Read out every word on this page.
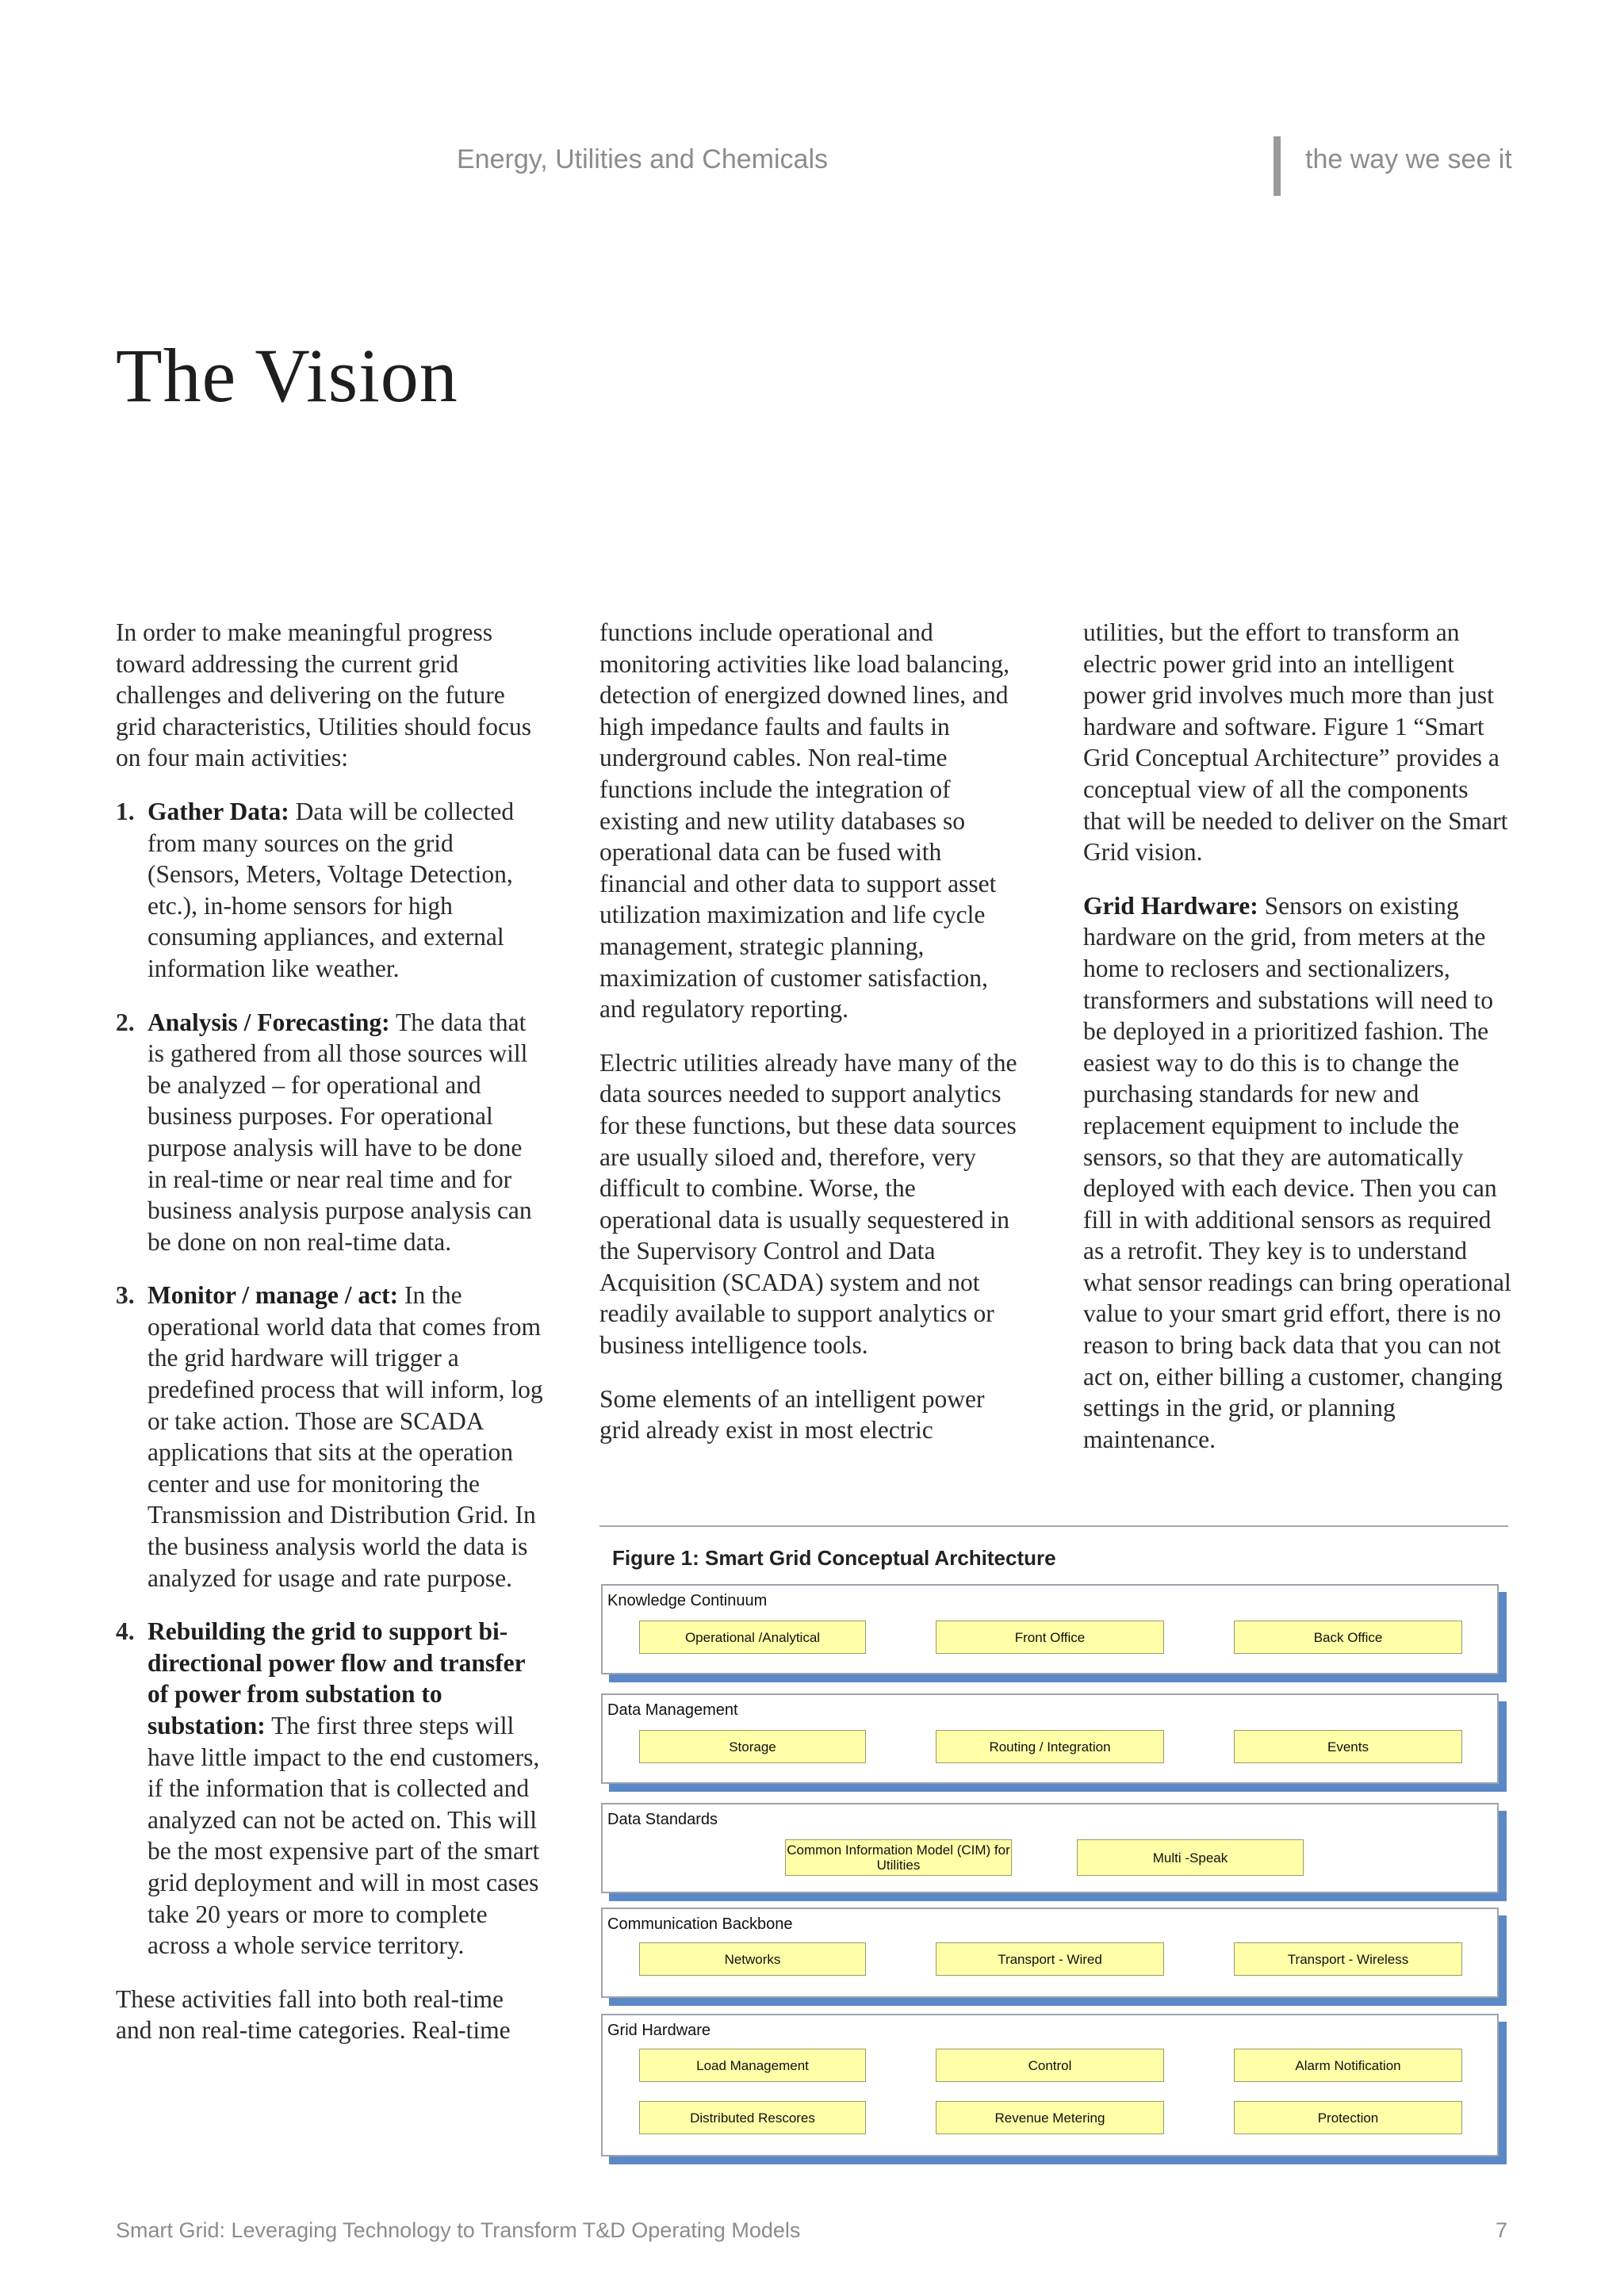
Energy, Utilities and Chemicals	the way we see it
The Vision

In order to make meaningful progress toward addressing the current grid challenges and delivering on the future grid characteristics, Utilities should focus on four main activities:

1. Gather Data: Data will be collected from many sources on the grid (Sensors, Meters, Voltage Detection, etc.), in-home sensors for high consuming appliances, and external information like weather.
2. Analysis / Forecasting: The data that is gathered from all those sources will be analyzed – for operational and business purposes. For operational purpose analysis will have to be done in real-time or near real time and for business analysis purpose analysis can be done on non real-time data.
3. Monitor / manage / act: In the operational world data that comes from the grid hardware will trigger a predefined process that will inform, log or take action. Those are SCADA applications that sits at the operation center and use for monitoring the Transmission and Distribution Grid. In the business analysis world the data is analyzed for usage and rate purpose.
4. Rebuilding the grid to support bi-directional power flow and transfer of power from substation to substation: The first three steps will have little impact to the end customers, if the information that is collected and analyzed can not be acted on. This will be the most expensive part of the smart grid deployment and will in most cases take 20 years or more to complete across a whole service territory.

These activities fall into both real-time and non real-time categories. Real-time

functions include operational and monitoring activities like load balancing, detection of energized downed lines, and high impedance faults and faults in underground cables. Non real-time functions include the integration of existing and new utility databases so operational data can be fused with financial and other data to support asset utilization maximization and life cycle management, strategic planning, maximization of customer satisfaction, and regulatory reporting.

Electric utilities already have many of the data sources needed to support analytics for these functions, but these data sources are usually siloed and, therefore, very difficult to combine. Worse, the operational data is usually sequestered in the Supervisory Control and Data Acquisition (SCADA) system and not readily available to support analytics or business intelligence tools.

Some elements of an intelligent power grid already exist in most electric

utilities, but the effort to transform an electric power grid into an intelligent power grid involves much more than just hardware and software. Figure 1 “Smart Grid Conceptual Architecture” provides a conceptual view of all the components that will be needed to deliver on the Smart Grid vision.

Grid Hardware: Sensors on existing hardware on the grid, from meters at the home to reclosers and sectionalizers, transformers and substations will need to be deployed in a prioritized fashion. The easiest way to do this is to change the purchasing standards for new and replacement equipment to include the sensors, so that they are automatically deployed with each device. Then you can fill in with additional sensors as required as a retrofit. They key is to understand what sensor readings can bring operational value to your smart grid effort, there is no reason to bring back data that you can not act on, either billing a customer, changing settings in the grid, or planning maintenance.

Figure 1: Smart Grid Conceptual Architecture
Knowledge Continuum
Operational /Analytical	Front Office	Back Office
Data Management
Storage	Routing / Integration	Events
Data Standards
Common Information Model (CIM) for Utilities	Multi -Speak
Communication Backbone
Networks	Transport - Wired	Transport - Wireless
Grid Hardware
Load Management	Control	Alarm Notification
Distributed Rescores	Revenue Metering	Protection
Smart Grid: Leveraging Technology to Transform T&D Operating Models	7
